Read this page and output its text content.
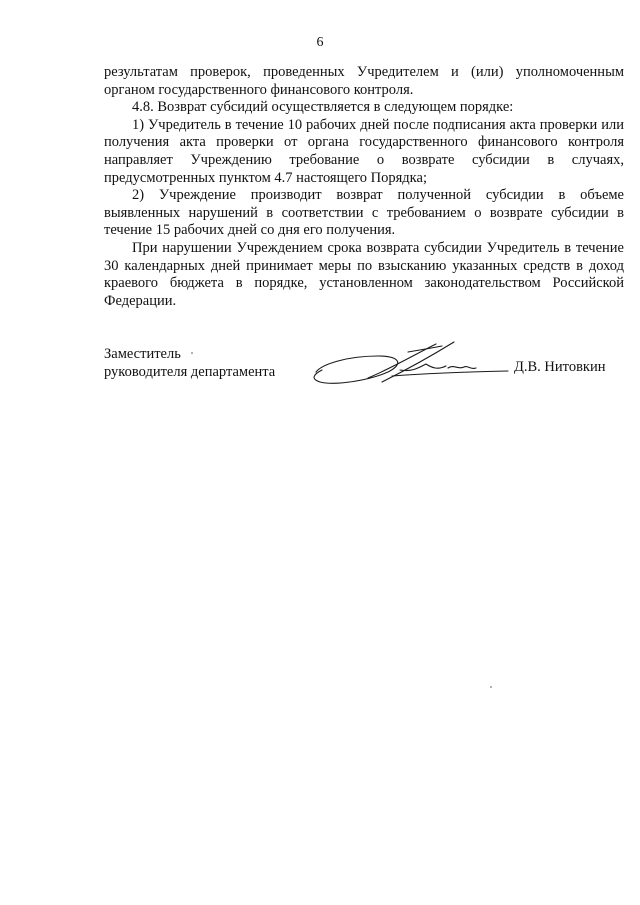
6

результатам проверок, проведенных Учредителем и (или) уполномоченным органом государственного финансового контроля.

4.8. Возврат субсидий осуществляется в следующем порядке:

1) Учредитель в течение 10 рабочих дней после подписания акта проверки или получения акта проверки от органа государственного финансового контроля направляет Учреждению требование о возврате субсидии в случаях, предусмотренных пунктом 4.7 настоящего Порядка;

2) Учреждение производит возврат полученной субсидии в объеме выявленных нарушений в соответствии с требованием о возврате субсидии в течение 15 рабочих дней со дня его получения.

При нарушении Учреждением срока возврата субсидии Учредитель в течение 30 календарных дней принимает меры по взысканию указанных средств в доход краевого бюджета в порядке, установленном законодательством Российской Федерации.

Заместитель
руководителя департамента	Д.В. Нитовкин
